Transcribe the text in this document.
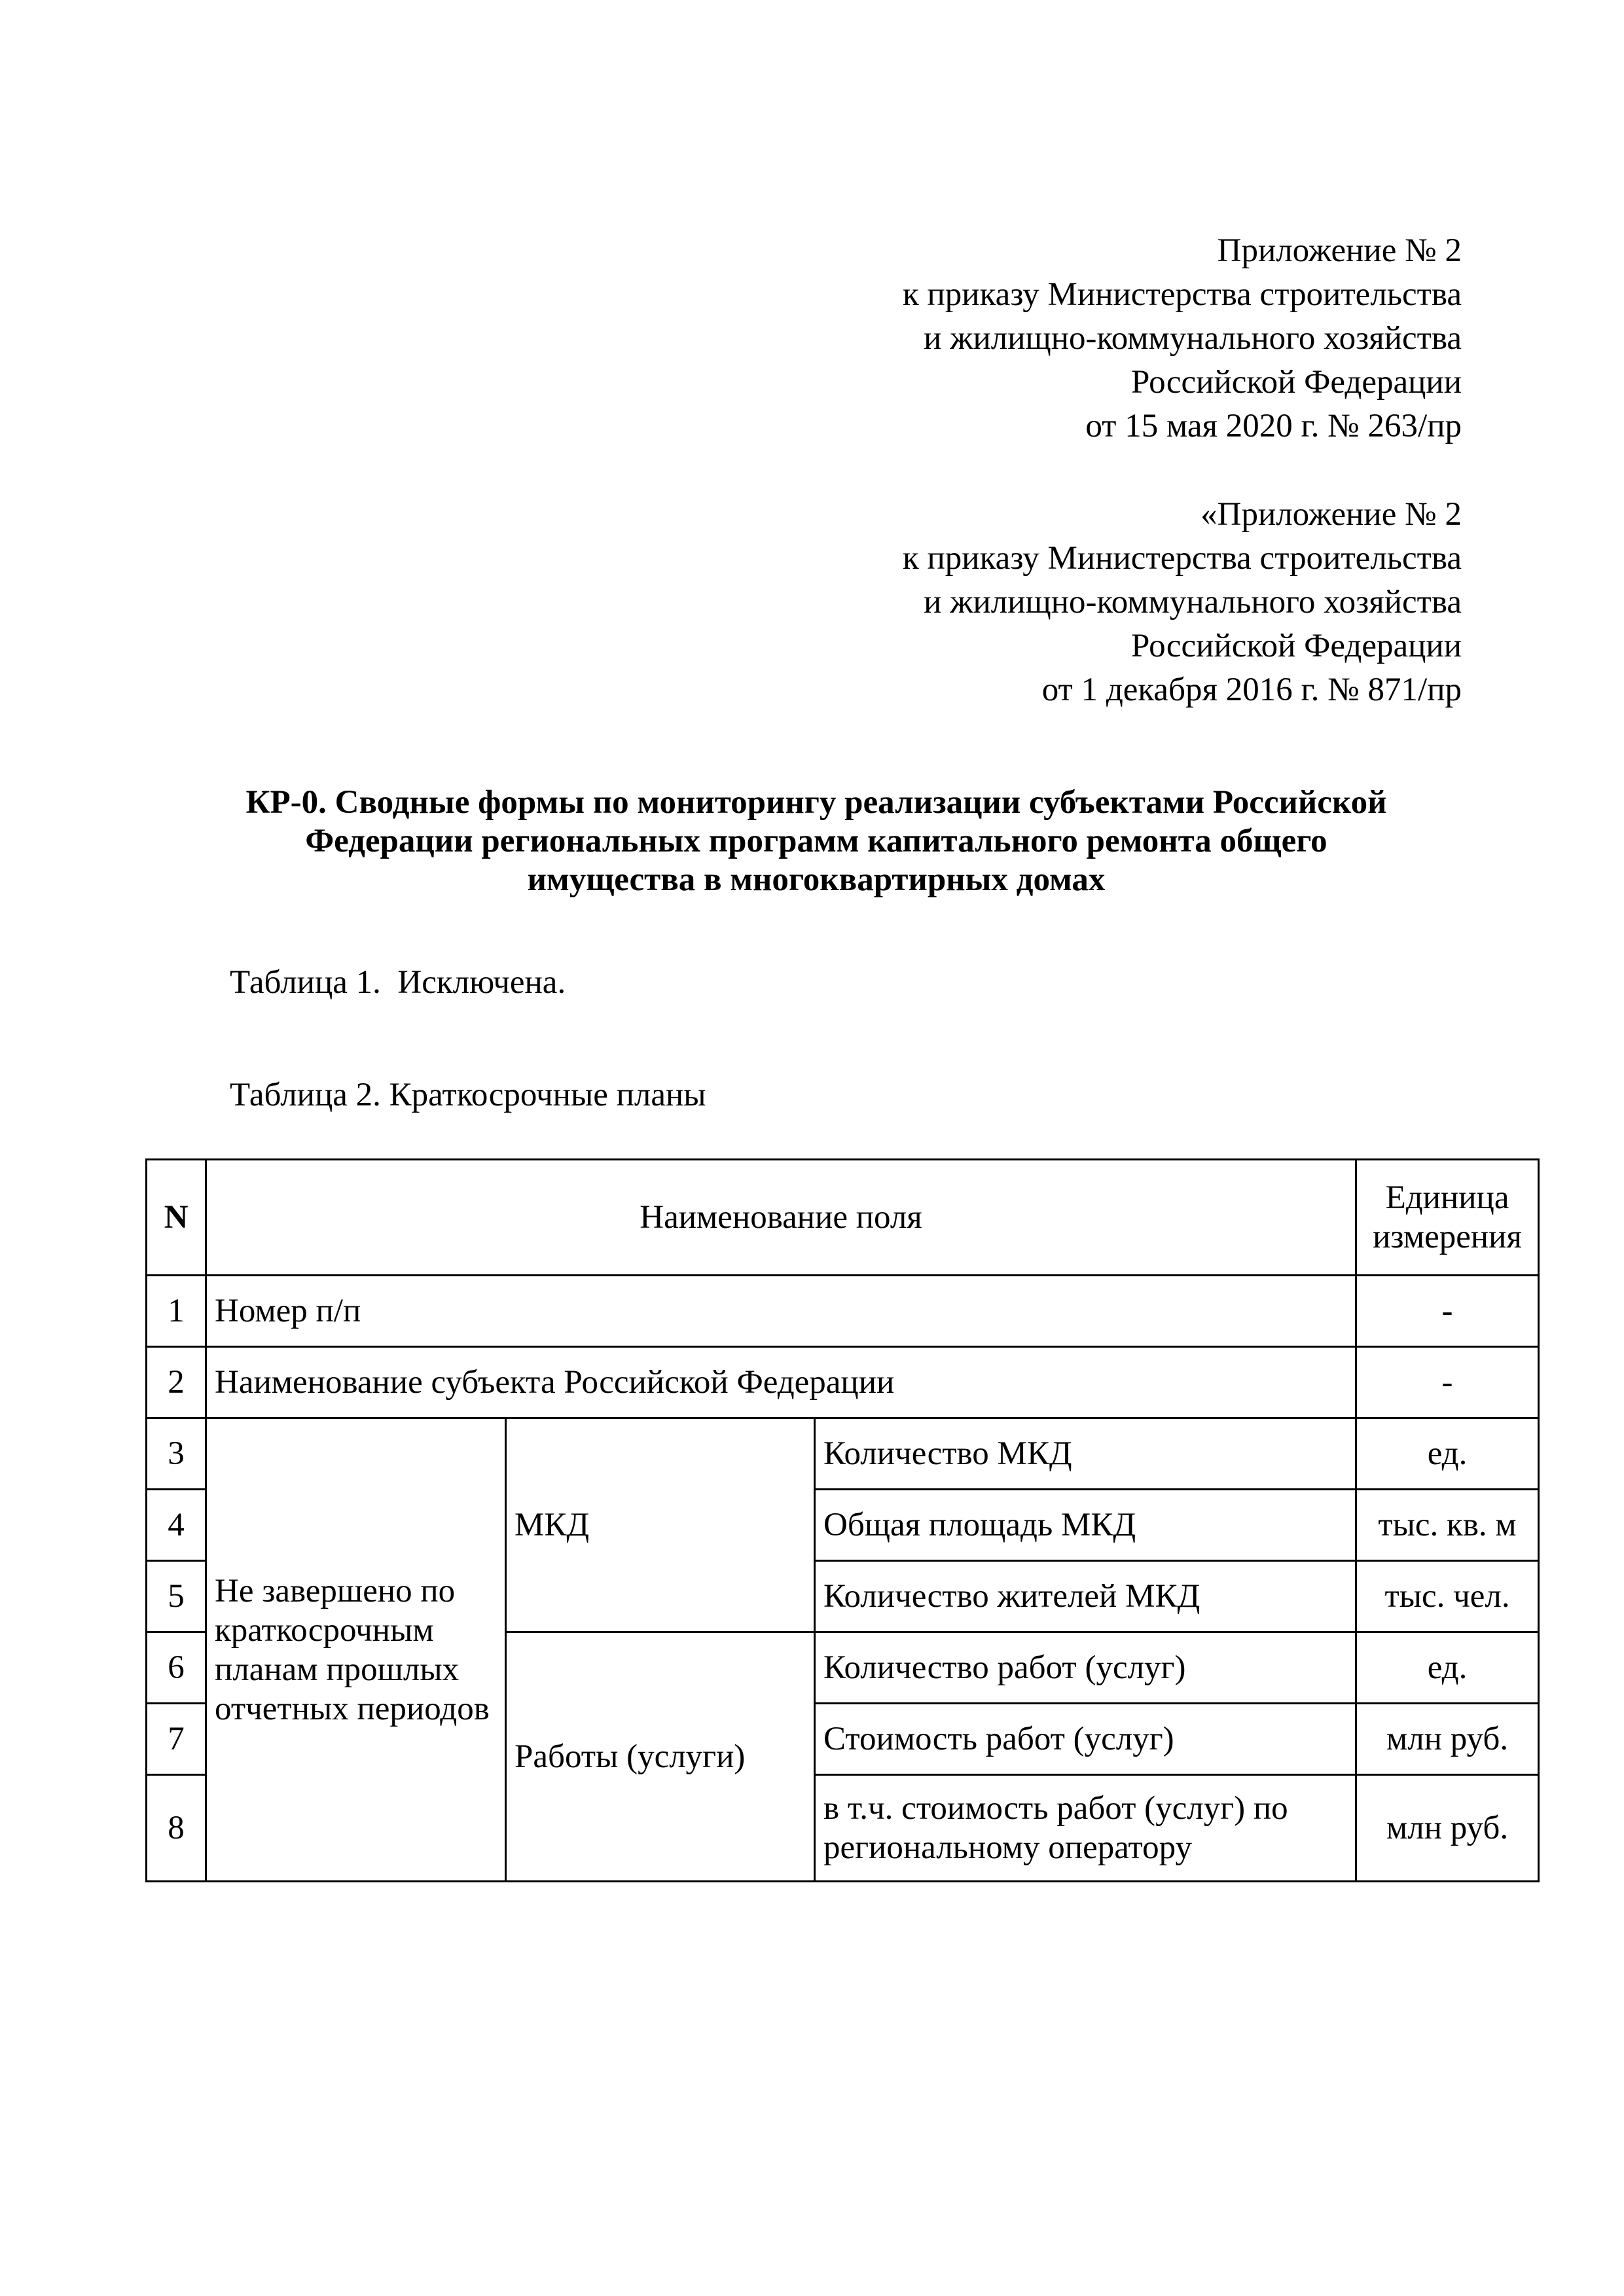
Приложение № 2
к приказу Министерства строительства
и жилищно-коммунального хозяйства
Российской Федерации
от 15 мая 2020 г. № 263/пр
«Приложение № 2
к приказу Министерства строительства
и жилищно-коммунального хозяйства
Российской Федерации
от 1 декабря 2016 г. № 871/пр
КР-0. Сводные формы по мониторингу реализации субъектами Российской
Федерации региональных программ капитального ремонта общего
имущества в многоквартирных домах
Таблица 1.  Исключена.
Таблица 2. Краткосрочные планы
N	Наименование поля			Единица измерения
1	Номер п/п			-
2	Наименование субъекта Российской Федерации			-
3	Не завершено по краткосрочным планам прошлых отчетных периодов	МКД	Количество МКД	ед.
4			Общая площадь МКД	тыс. кв. м
5			Количество жителей МКД	тыс. чел.
6		Работы (услуги)	Количество работ (услуг)	ед.
7			Стоимость работ (услуг)	млн руб.
8			в т.ч. стоимость работ (услуг) по региональному оператору	млн руб.
